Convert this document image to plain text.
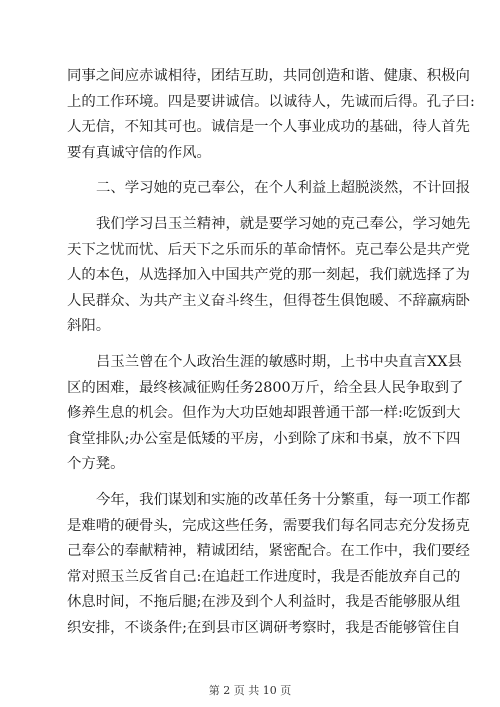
同事之间应赤诚相待，团结互助，共同创造和谐、健康、积极向
上的工作环境。四是要讲诚信。以诚待人，先诚而后得。孔子曰:
人无信，不知其可也。诚信是一个人事业成功的基础，待人首先
要有真诚守信的作风。
二、学习她的克己奉公，在个人利益上超脱淡然，不计回报
我们学习吕玉兰精神，就是要学习她的克己奉公，学习她先
天下之忧而忧、后天下之乐而乐的革命情怀。克己奉公是共产党
人的本色，从选择加入中国共产党的那一刻起，我们就选择了为
人民群众、为共产主义奋斗终生，但得苍生俱饱暖、不辞羸病卧
斜阳。
吕玉兰曾在个人政治生涯的敏感时期，上书中央直言XX县
区的困难，最终核减征购任务2800万斤，给全县人民争取到了
修养生息的机会。但作为大功臣她却跟普通干部一样:吃饭到大
食堂排队;办公室是低矮的平房，小到除了床和书桌，放不下四
个方凳。
今年，我们谋划和实施的改革任务十分繁重，每一项工作都
是难啃的硬骨头，完成这些任务，需要我们每名同志充分发扬克
己奉公的奉献精神，精诚团结，紧密配合。在工作中，我们要经
常对照玉兰反省自己:在追赶工作进度时，我是否能放弃自己的
休息时间，不拖后腿;在涉及到个人利益时，我是否能够服从组
织安排，不谈条件;在到县市区调研考察时，我是否能够管住自
第 2 页 共 10 页
